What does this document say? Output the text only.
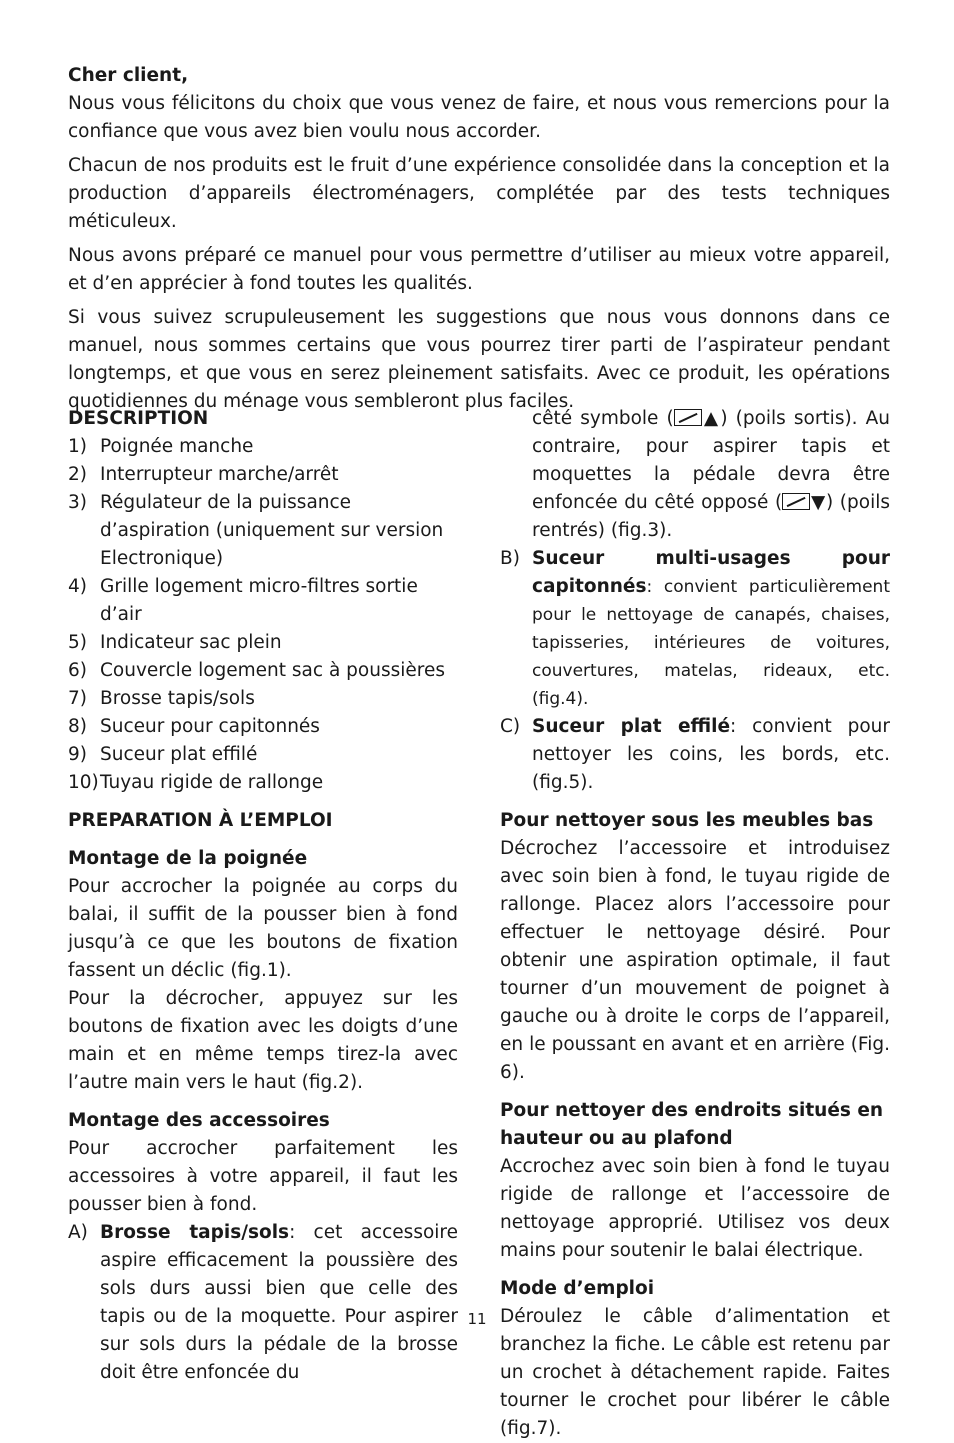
Cher client,

Nous vous félicitons du choix que vous venez de faire, et nous vous remercions pour la confiance que vous avez bien voulu nous accorder.

Chacun de nos produits est le fruit d’une expérience consolidée dans la conception et la production d’appareils électroménagers, complétée par des tests techniques méticuleux.

Nous avons préparé ce manuel pour vous permettre d’utiliser au mieux votre appareil, et d’en apprécier à fond toutes les qualités.

Si vous suivez scrupuleusement les suggestions que nous vous donnons dans ce manuel, nous sommes certains que vous pourrez tirer parti de l’aspirateur pendant longtemps, et que vous en serez pleinement satisfaits. Avec ce produit, les opérations quotidiennes du ménage vous sembleront plus faciles.

DESCRIPTION

1) Poignée manche
2) Interrupteur marche/arrêt
3) Régulateur de la puissance d’aspiration (uniquement sur version Electronique)
4) Grille logement micro-filtres sortie d’air
5) Indicateur sac plein
6) Couvercle logement sac à poussières
7) Brosse tapis/sols
8) Suceur pour capitonnés
9) Suceur plat effilé
10) Tuyau rigide de rallonge

PREPARATION À L’EMPLOI

Montage de la poignée

Pour accrocher la poignée au corps du balai, il suffit de la pousser bien à fond jusqu’à ce que les boutons de fixation fassent un déclic (fig.1).

Pour la décrocher, appuyez sur les boutons de fixation avec les doigts d’une main et en même temps tirez-la avec l’autre main vers le haut (fig.2).

Montage des accessoires

Pour accrocher parfaitement les accessoires à votre appareil, il faut les pousser bien à fond.

A) Brosse tapis/sols: cet accessoire aspire efficacement la poussière des sols durs aussi bien que celle des tapis ou de la moquette. Pour aspirer sur sols durs la pédale de la brosse doit être enfoncée du

cêté symbole ( ▲) (poils sortis). Au contraire, pour aspirer tapis et moquettes la pédale devra être enfoncée du cêté opposé ( ▼) (poils rentrés) (fig.3).

B) Suceur multi-usages pour capitonnés: convient particulièrement pour le nettoyage de canapés, chaises, tapisseries, intérieures de voitures, couvertures, matelas, rideaux, etc. (fig.4).
C) Suceur plat effilé: convient pour nettoyer les coins, les bords, etc. (fig.5).

Pour nettoyer sous les meubles bas

Décrochez l’accessoire et introduisez avec soin bien à fond, le tuyau rigide de rallonge. Placez alors l’accessoire pour effectuer le nettoyage désiré. Pour obtenir une aspiration optimale, il faut tourner d’un mouvement de poignet à gauche ou à droite le corps de l’appareil, en le poussant en avant et en arrière (Fig. 6).

Pour nettoyer des endroits situés en hauteur ou au plafond

Accrochez avec soin bien à fond le tuyau rigide de rallonge et l’accessoire de nettoyage approprié. Utilisez vos deux mains pour soutenir le balai électrique.

Mode d’emploi

Déroulez le câble d’alimentation et branchez la fiche. Le câble est retenu par un crochet à détachement rapide. Faites tourner le crochet pour libérer le câble (fig.7).

11
